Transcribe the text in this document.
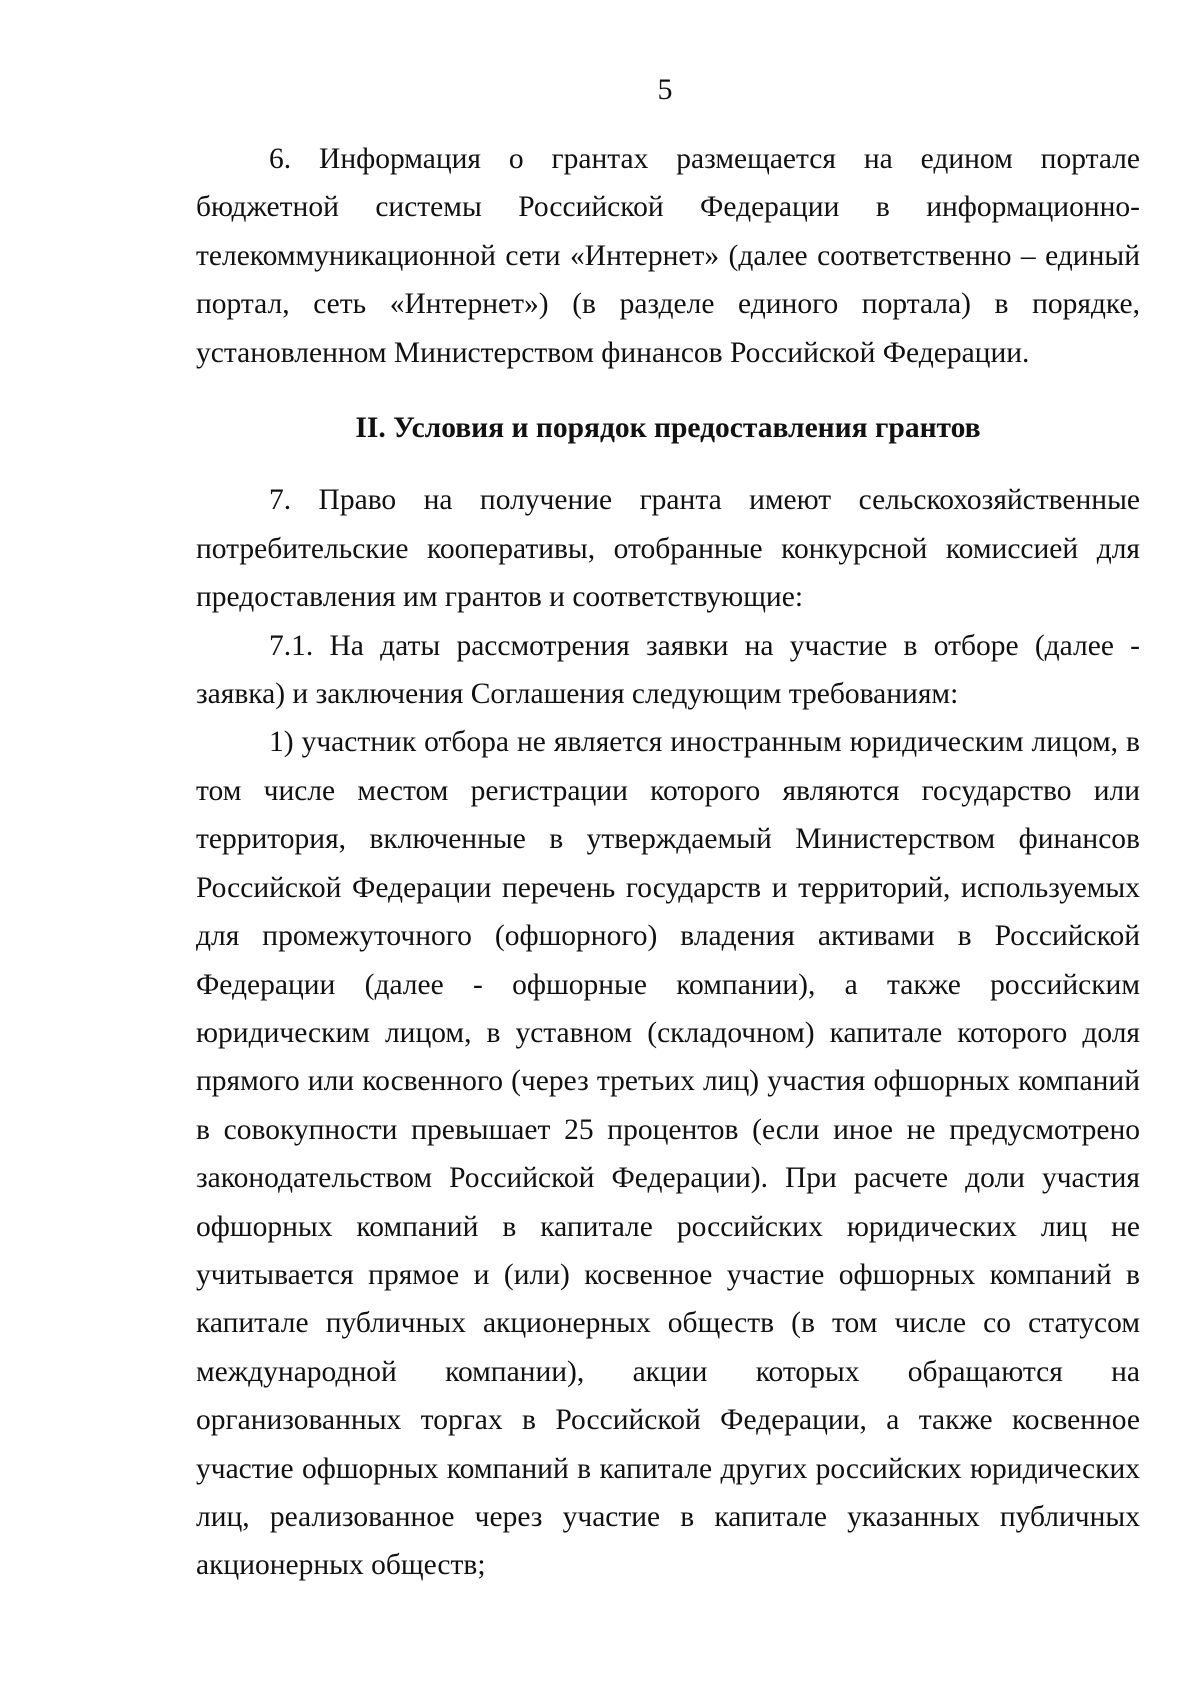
5

6. Информация о грантах размещается на едином портале бюджетной системы Российской Федерации в информационно-телекоммуникационной сети «Интернет» (далее соответственно – единый портал, сеть «Интернет») (в разделе единого портала) в порядке, установленном Министерством финансов Российской Федерации.

II. Условия и порядок предоставления грантов

7. Право на получение гранта имеют сельскохозяйственные потребительские кооперативы, отобранные конкурсной комиссией для предоставления им грантов и соответствующие:

7.1. На даты рассмотрения заявки на участие в отборе (далее - заявка) и заключения Соглашения следующим требованиям:

1) участник отбора не является иностранным юридическим лицом, в том числе местом регистрации которого являются государство или территория, включенные в утверждаемый Министерством финансов Российской Федерации перечень государств и территорий, используемых для промежуточного (офшорного) владения активами в Российской Федерации (далее - офшорные компании), а также российским юридическим лицом, в уставном (складочном) капитале которого доля прямого или косвенного (через третьих лиц) участия офшорных компаний в совокупности превышает 25 процентов (если иное не предусмотрено законодательством Российской Федерации). При расчете доли участия офшорных компаний в капитале российских юридических лиц не учитывается прямое и (или) косвенное участие офшорных компаний в капитале публичных акционерных обществ (в том числе со статусом международной компании), акции которых обращаются на организованных торгах в Российской Федерации, а также косвенное участие офшорных компаний в капитале других российских юридических лиц, реализованное через участие в капитале указанных публичных акционерных обществ;
